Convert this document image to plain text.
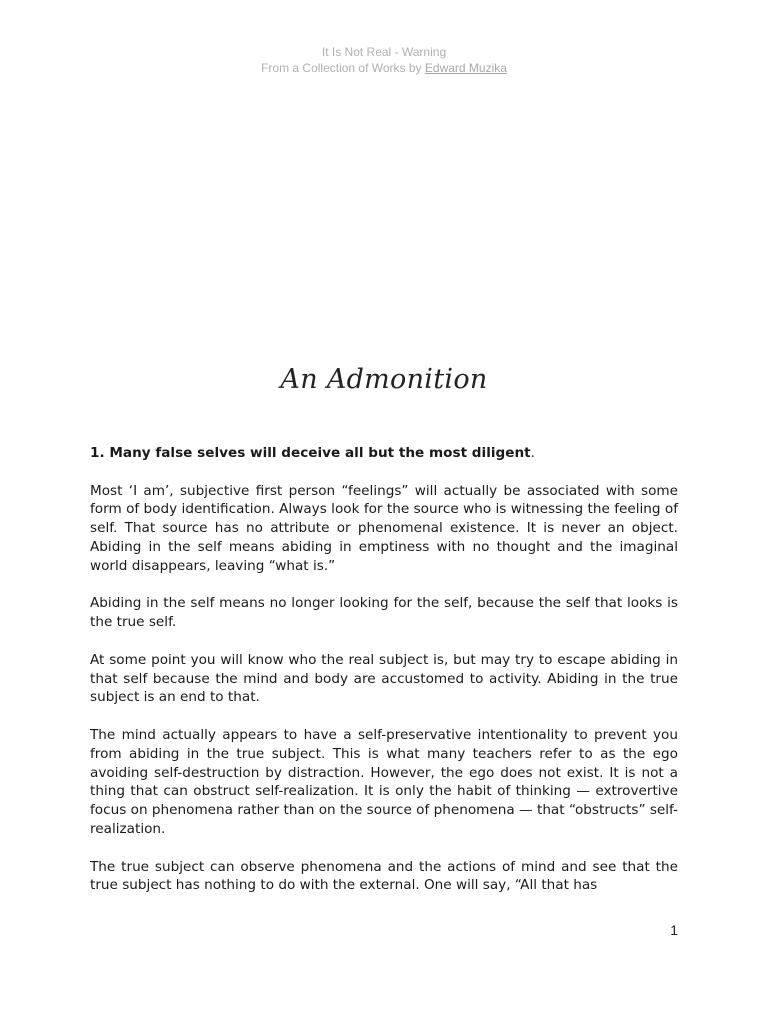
It Is Not Real - Warning
From a Collection of Works by Edward Muzika
An Admonition

1. Many false selves will deceive all but the most diligent.

Most ‘I am’, subjective first person “feelings” will actually be associated with some form of body identification. Always look for the source who is witnessing the feeling of self. That source has no attribute or phenomenal existence. It is never an object. Abiding in the self means abiding in emptiness with no thought and the imaginal world disappears, leaving “what is.”

Abiding in the self means no longer looking for the self, because the self that looks is the true self.

At some point you will know who the real subject is, but may try to escape abiding in that self because the mind and body are accustomed to activity. Abiding in the true subject is an end to that.

The mind actually appears to have a self-preservative intentionality to prevent you from abiding in the true subject. This is what many teachers refer to as the ego avoiding self-destruction by distraction. However, the ego does not exist. It is not a thing that can obstruct self-realization. It is only the habit of thinking — extrovertive focus on phenomena rather than on the source of phenomena — that “obstructs” self-realization.

The true subject can observe phenomena and the actions of mind and see that the true subject has nothing to do with the external. One will say, “All that has

1
